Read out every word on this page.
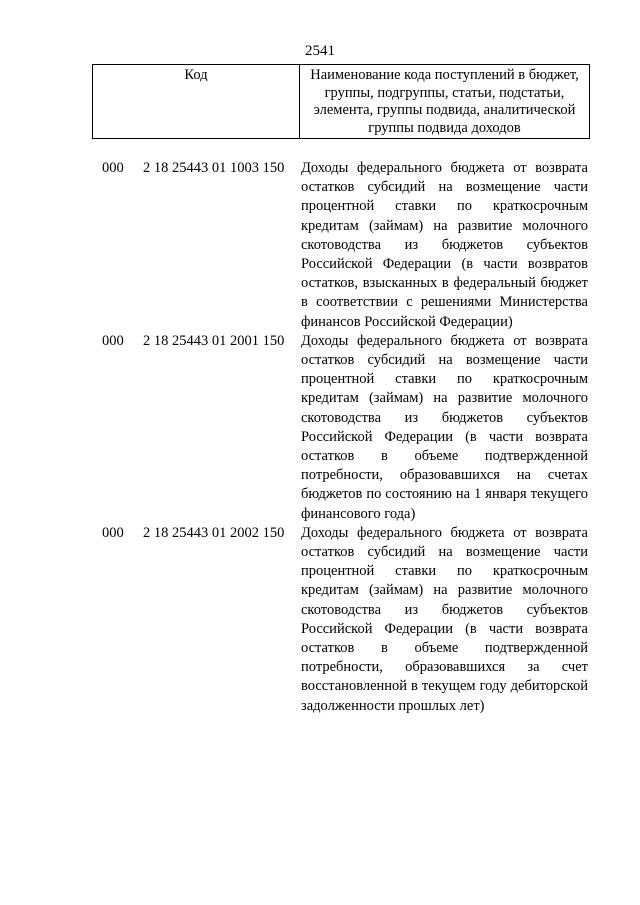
2541
Код	Наименование кода поступлений в бюджет, группы, подгруппы, статьи, подстатьи, элемента, группы подвида, аналитической группы подвида доходов
000 2 18 25443 01 1003 150 Доходы федерального бюджета от возврата остатков субсидий на возмещение части процентной ставки по краткосрочным кредитам (займам) на развитие молочного скотоводства из бюджетов субъектов Российской Федерации (в части возвратов остатков, взысканных в федеральный бюджет в соответствии с решениями Министерства финансов Российской Федерации)
000 2 18 25443 01 2001 150 Доходы федерального бюджета от возврата остатков субсидий на возмещение части процентной ставки по краткосрочным кредитам (займам) на развитие молочного скотоводства из бюджетов субъектов Российской Федерации (в части возврата остатков в объеме подтвержденной потребности, образовавшихся на счетах бюджетов по состоянию на 1 января текущего финансового года)
000 2 18 25443 01 2002 150 Доходы федерального бюджета от возврата остатков субсидий на возмещение части процентной ставки по краткосрочным кредитам (займам) на развитие молочного скотоводства из бюджетов субъектов Российской Федерации (в части возврата остатков в объеме подтвержденной потребности, образовавшихся за счет восстановленной в текущем году дебиторской задолженности прошлых лет)
